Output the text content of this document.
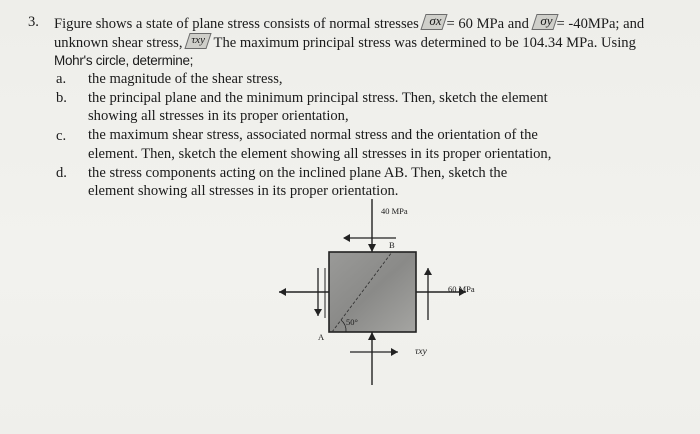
3. Figure shows a state of plane stress consists of normal stresses σx = 60 MPa and σy = -40MPa; and
unknown shear stress, τxy The maximum principal stress was determined to be 104.34 MPa. Using
Mohr's circle, determine;
a. the magnitude of the shear stress,
b. the principal plane and the minimum principal stress. Then, sketch the element
showing all stresses in its proper orientation,
c. the maximum shear stress, associated normal stress and the orientation of the
element. Then, sketch the element showing all stresses in its proper orientation,
d. the stress components acting on the inclined plane AB. Then, sketch the
element showing all stresses in its proper orientation.
40 MPa
60 MPa
B
A
50°
τxy
